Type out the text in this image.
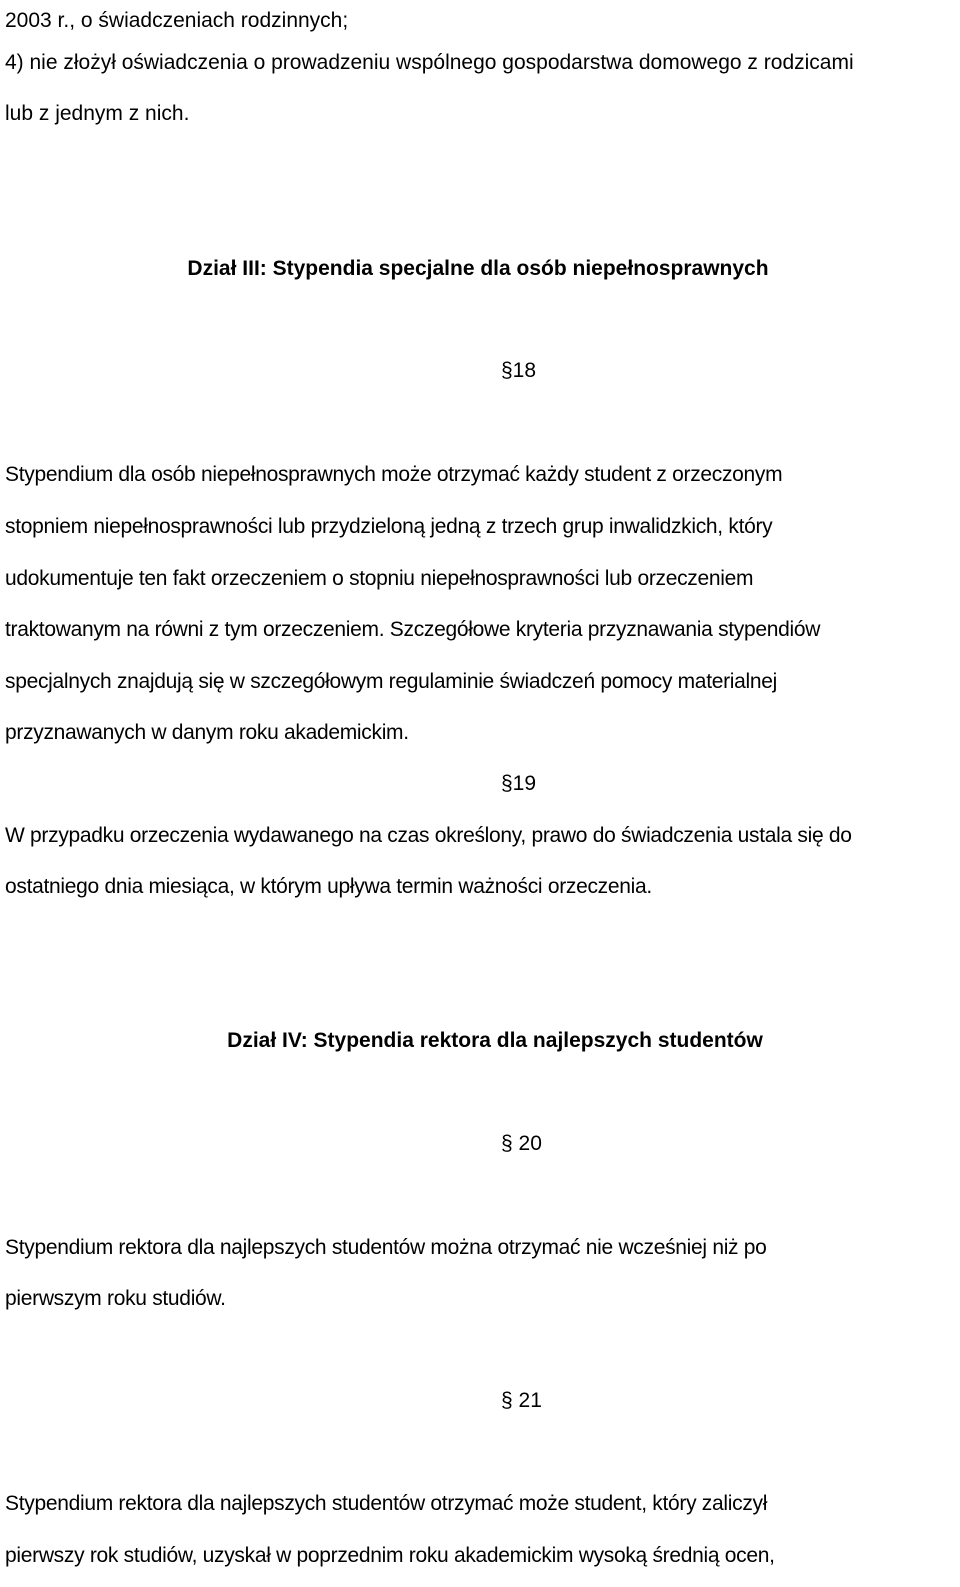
2003 r., o świadczeniach rodzinnych;
4) nie złożył oświadczenia o prowadzeniu wspólnego gospodarstwa domowego z rodzicami
lub z jednym z nich.
Dział III: Stypendia specjalne dla osób niepełnosprawnych
§18
Stypendium dla osób niepełnosprawnych może otrzymać każdy student z orzeczonym
stopniem niepełnosprawności lub przydzieloną jedną z trzech grup inwalidzkich, który
udokumentuje ten fakt orzeczeniem o stopniu niepełnosprawności lub orzeczeniem
traktowanym na równi z tym orzeczeniem. Szczegółowe kryteria przyznawania stypendiów
specjalnych znajdują się w szczegółowym regulaminie świadczeń pomocy materialnej
przyznawanych w danym roku akademickim.
§19
W przypadku orzeczenia wydawanego na czas określony, prawo do świadczenia ustala się do
ostatniego dnia miesiąca, w którym upływa termin ważności orzeczenia.
Dział IV: Stypendia rektora dla najlepszych studentów
§ 20
Stypendium rektora dla najlepszych studentów można otrzymać nie wcześniej niż po
pierwszym roku studiów.
§ 21
Stypendium rektora dla najlepszych studentów otrzymać może student, który zaliczył
pierwszy rok studiów, uzyskał w poprzednim roku akademickim wysoką średnią ocen,
